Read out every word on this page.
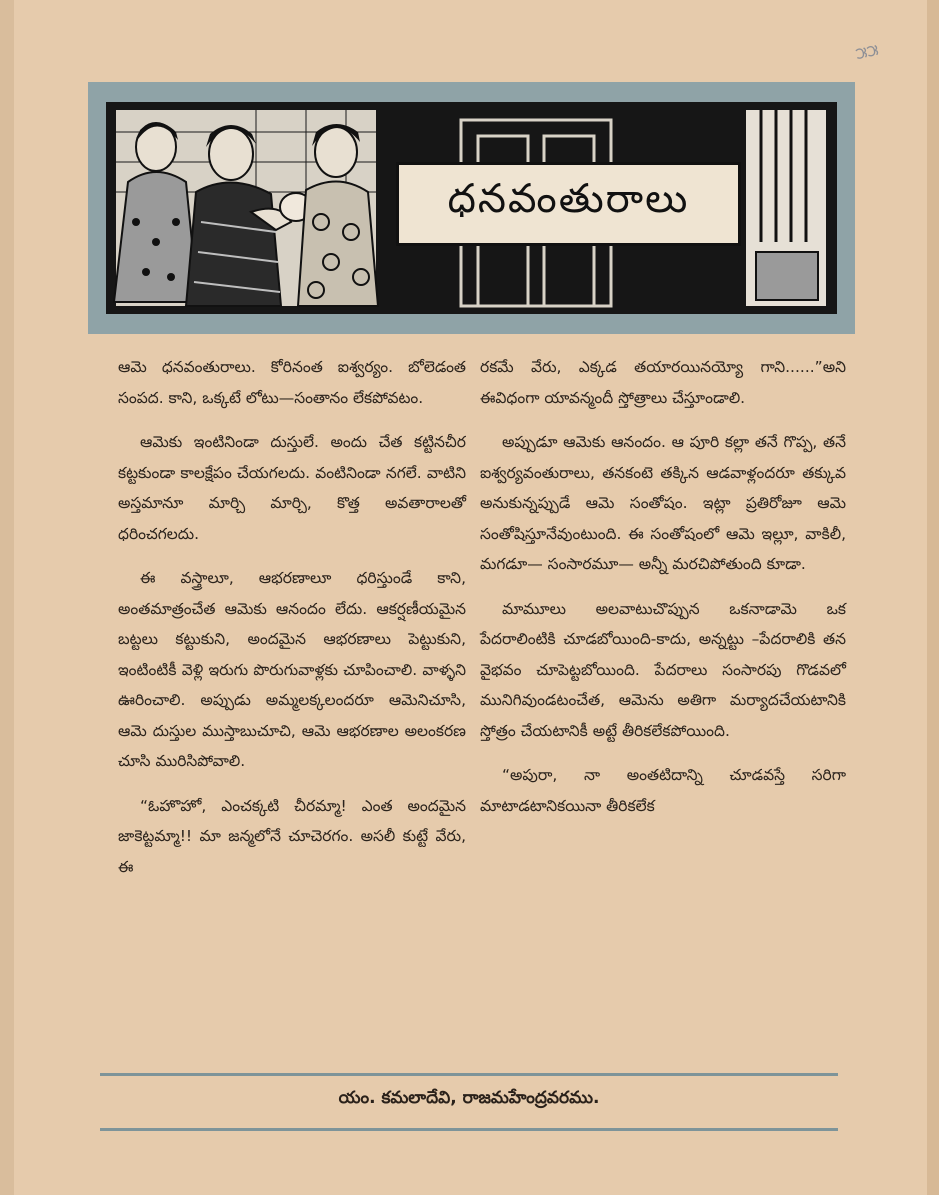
౫౫
ధనవంతురాలు

ఆమె ధనవంతురాలు. కోరినంత ఐశ్వర్యం. బోలెడంత సంపద. కాని, ఒక్కటే లోటు—సంతానం లేకపోవటం.

ఆమెకు ఇంటినిండా దుస్తులే. అందు చేత కట్టినచీర కట్టకుండా కాలక్షేపం చేయగలదు. వంటినిండా నగలే. వాటిని అస్తమానూ మార్చి మార్చి, కొత్త అవతారాలతో ధరించగలదు.

ఈ వస్త్రాలూ, ఆభరణాలూ ధరిస్తుండే కాని, అంతమాత్రంచేత ఆమెకు ఆనందం లేదు. ఆకర్షణీయమైన బట్టలు కట్టుకుని, అందమైన ఆభరణాలు పెట్టుకుని, ఇంటింటికీ వెళ్లి ఇరుగు పొరుగువాళ్లకు చూపించాలి. వాళ్ళని ఊరించాలి. అప్పుడు అమ్మలక్కలందరూ ఆమెనిచూసి, ఆమె దుస్తుల ముస్తాబుచూచి, ఆమె ఆభరణాల అలంకరణ చూసి మురిసిపోవాలి.

“ఓహొహో, ఎంచక్కటి చీరమ్మా! ఎంత అందమైన జాకెట్టమ్మా!! మా జన్మలోనే చూచెరగం. అసలీ కుట్టే వేరు, ఈ

రకమే వేరు, ఎక్కడ తయారయినయ్యో గాని......”అని ఈవిధంగా యావన్మందీ స్తోత్రాలు చేస్తూండాలి.

అప్పుడూ ఆమెకు ఆనందం. ఆ పూరి కల్లా తనే గొప్ప, తనే ఐశ్వర్యవంతురాలు, తనకంటె తక్కిన ఆడవాళ్లందరూ తక్కువ అనుకున్నప్పుడే ఆమె సంతోషం. ఇట్లా ప్రతిరోజూ ఆమె సంతోషిస్తూనేవుంటుంది. ఈ సంతోషంలో ఆమె ఇల్లూ, వాకిలీ, మగడూ— సంసారమూ— అన్నీ మరచిపోతుంది కూడా.

మామూలు అలవాటుచొప్పున ఒకనాడామె ఒక పేదరాలింటికి చూడబోయింది-కాదు, అన్నట్టు –పేదరాలికి తన వైభవం చూపెట్టబోయింది. పేదరాలు సంసారపు గొడవలో మునిగివుండటంచేత, ఆమెను అతిగా మర్యాదచేయటానికి స్తోత్రం చేయటానికీ అట్టే తీరికలేకపోయింది.

“అపురా, నా అంతటిదాన్ని చూడవస్తే సరిగా మాటాడటానికయినా తీరికలేక

యం. కమలాదేవి, రాజమహేంద్రవరము.
